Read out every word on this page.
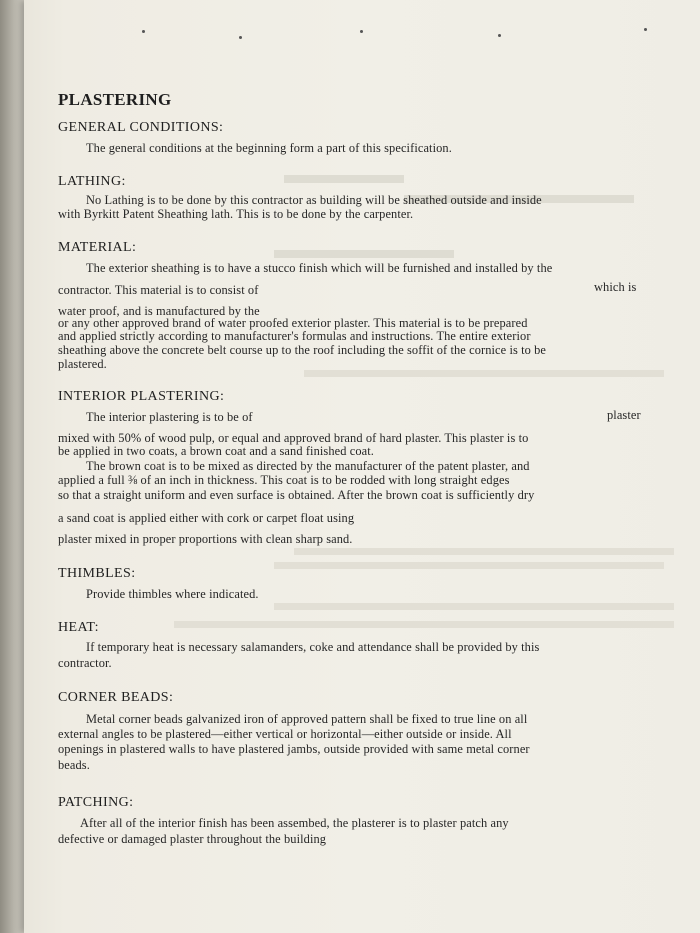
PLASTERING
GENERAL CONDITIONS:
The general conditions at the beginning form a part of this specification.
LATHING:
No Lathing is to be done by this contractor as building will be sheathed outside and inside
with Byrkitt Patent Sheathing lath. This is to be done by the carpenter.
MATERIAL:
The exterior sheathing is to have a stucco finish which will be furnished and installed by the
contractor. This material is to consist of	which is
water proof, and is manufactured by the
or any other approved brand of water proofed exterior plaster. This material is to be prepared
and applied strictly according to manufacturer's formulas and instructions. The entire exterior
sheathing above the concrete belt course up to the roof including the soffit of the cornice is to be
plastered.
INTERIOR PLASTERING:
The interior plastering is to be of	plaster
mixed with 50% of wood pulp, or equal and approved brand of hard plaster. This plaster is to
be applied in two coats, a brown coat and a sand finished coat.
The brown coat is to be mixed as directed by the manufacturer of the patent plaster, and
applied a full ⅜ of an inch in thickness. This coat is to be rodded with long straight edges
so that a straight uniform and even surface is obtained. After the brown coat is sufficiently dry
a sand coat is applied either with cork or carpet float using
plaster mixed in proper proportions with clean sharp sand.
THIMBLES:
Provide thimbles where indicated.
HEAT:
If temporary heat is necessary salamanders, coke and attendance shall be provided by this
contractor.
CORNER BEADS:
Metal corner beads galvanized iron of approved pattern shall be fixed to true line on all
external angles to be plastered—either vertical or horizontal—either outside or inside. All
openings in plastered walls to have plastered jambs, outside provided with same metal corner
beads.
PATCHING:
After all of the interior finish has been assembed, the plasterer is to plaster patch any
defective or damaged plaster throughout the building
